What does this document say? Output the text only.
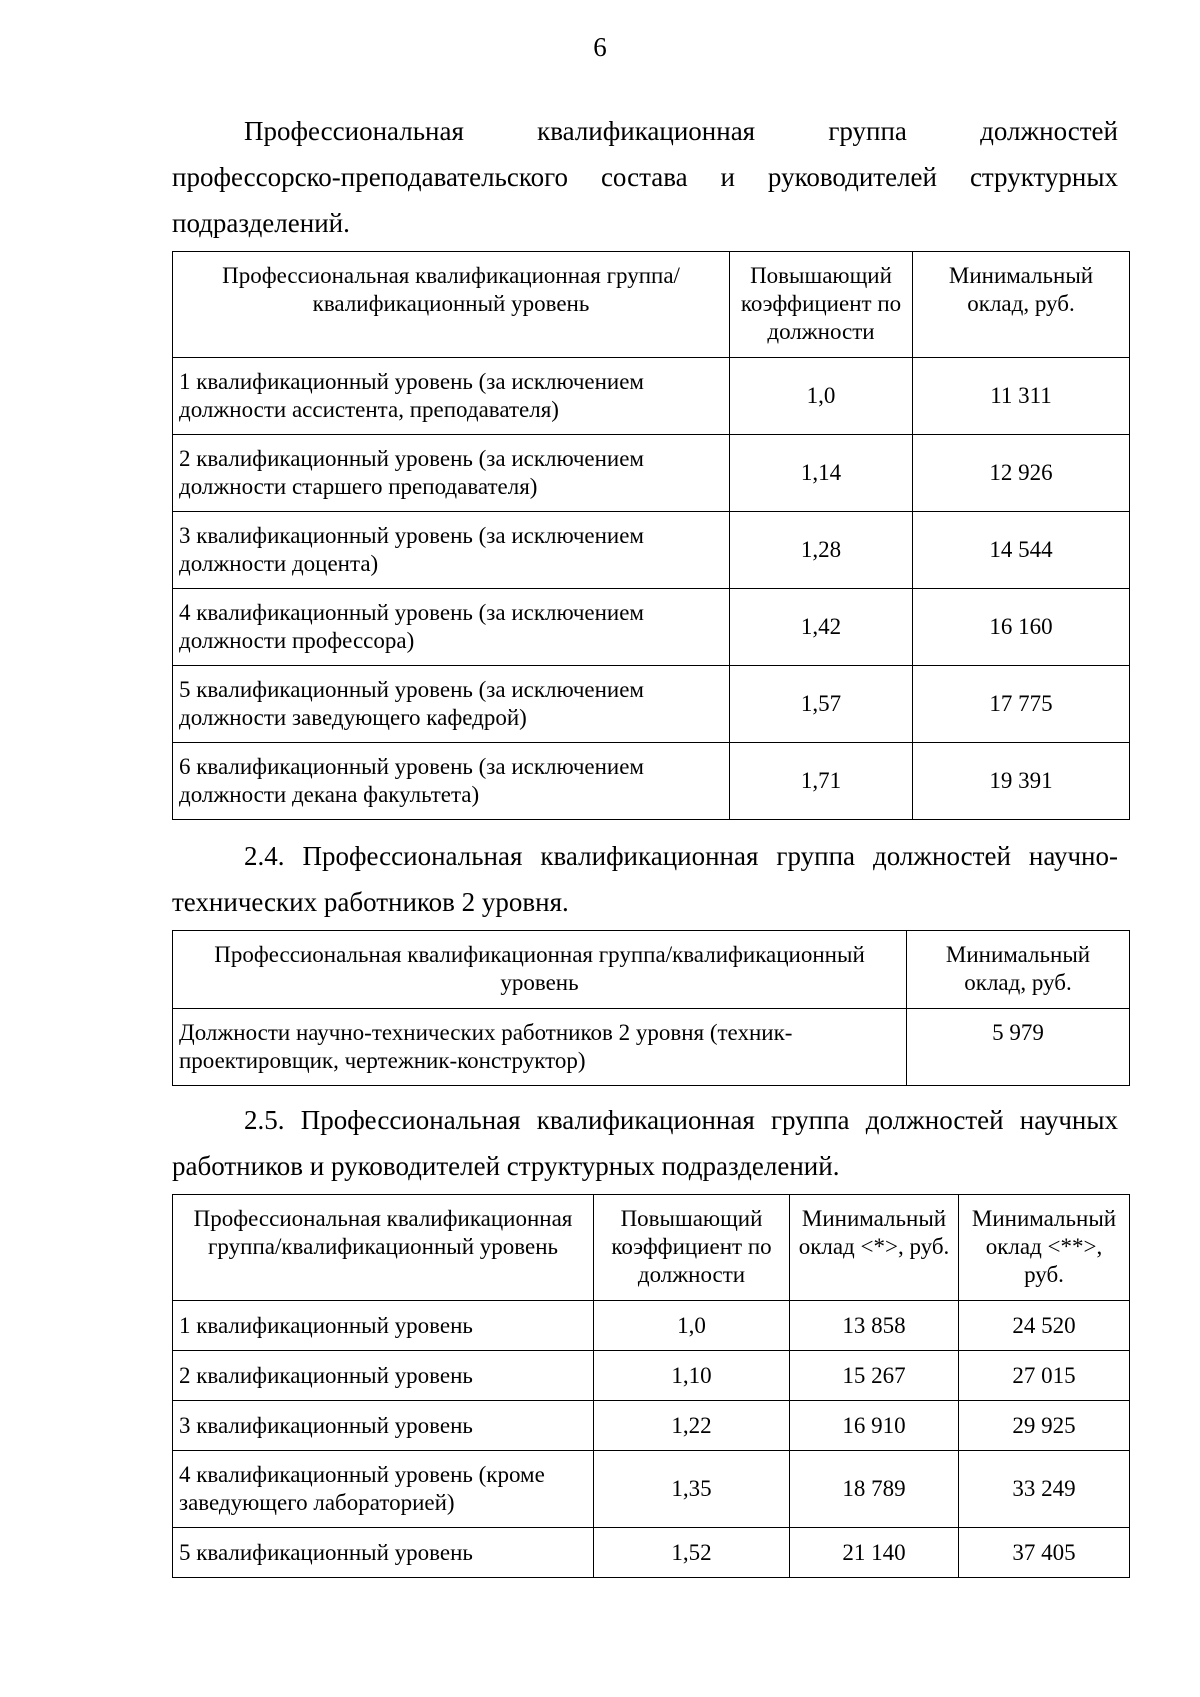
6
Профессиональная квалификационная группа должностей
профессорско-преподавательского состава и руководителей структурных
подразделений.
Профессиональная квалификационная группа/квалификационный уровень	Повышающий коэффициент по должности	Минимальный оклад, руб.
1 квалификационный уровень (за исключением должности ассистента, преподавателя)	1,0	11 311
2 квалификационный уровень (за исключением должности старшего преподавателя)	1,14	12 926
3 квалификационный уровень (за исключением должности доцента)	1,28	14 544
4 квалификационный уровень (за исключением должности профессора)	1,42	16 160
5 квалификационный уровень (за исключением должности заведующего кафедрой)	1,57	17 775
6 квалификационный уровень (за исключением должности декана факультета)	1,71	19 391
2.4. Профессиональная квалификационная группа должностей научно-
технических работников 2 уровня.
Профессиональная квалификационная группа/квалификационный уровень	Минимальный оклад, руб.
Должности научно-технических работников 2 уровня (техник-проектировщик, чертежник-конструктор)	5 979
2.5. Профессиональная квалификационная группа должностей научных
работников и руководителей структурных подразделений.
Профессиональная квалификационная группа/квалификационный уровень	Повышающий коэффициент по должности	Минимальный оклад <*>, руб.	Минимальный оклад <**>, руб.
1 квалификационный уровень	1,0	13 858	24 520
2 квалификационный уровень	1,10	15 267	27 015
3 квалификационный уровень	1,22	16 910	29 925
4 квалификационный уровень (кроме заведующего лабораторией)	1,35	18 789	33 249
5 квалификационный уровень	1,52	21 140	37 405
